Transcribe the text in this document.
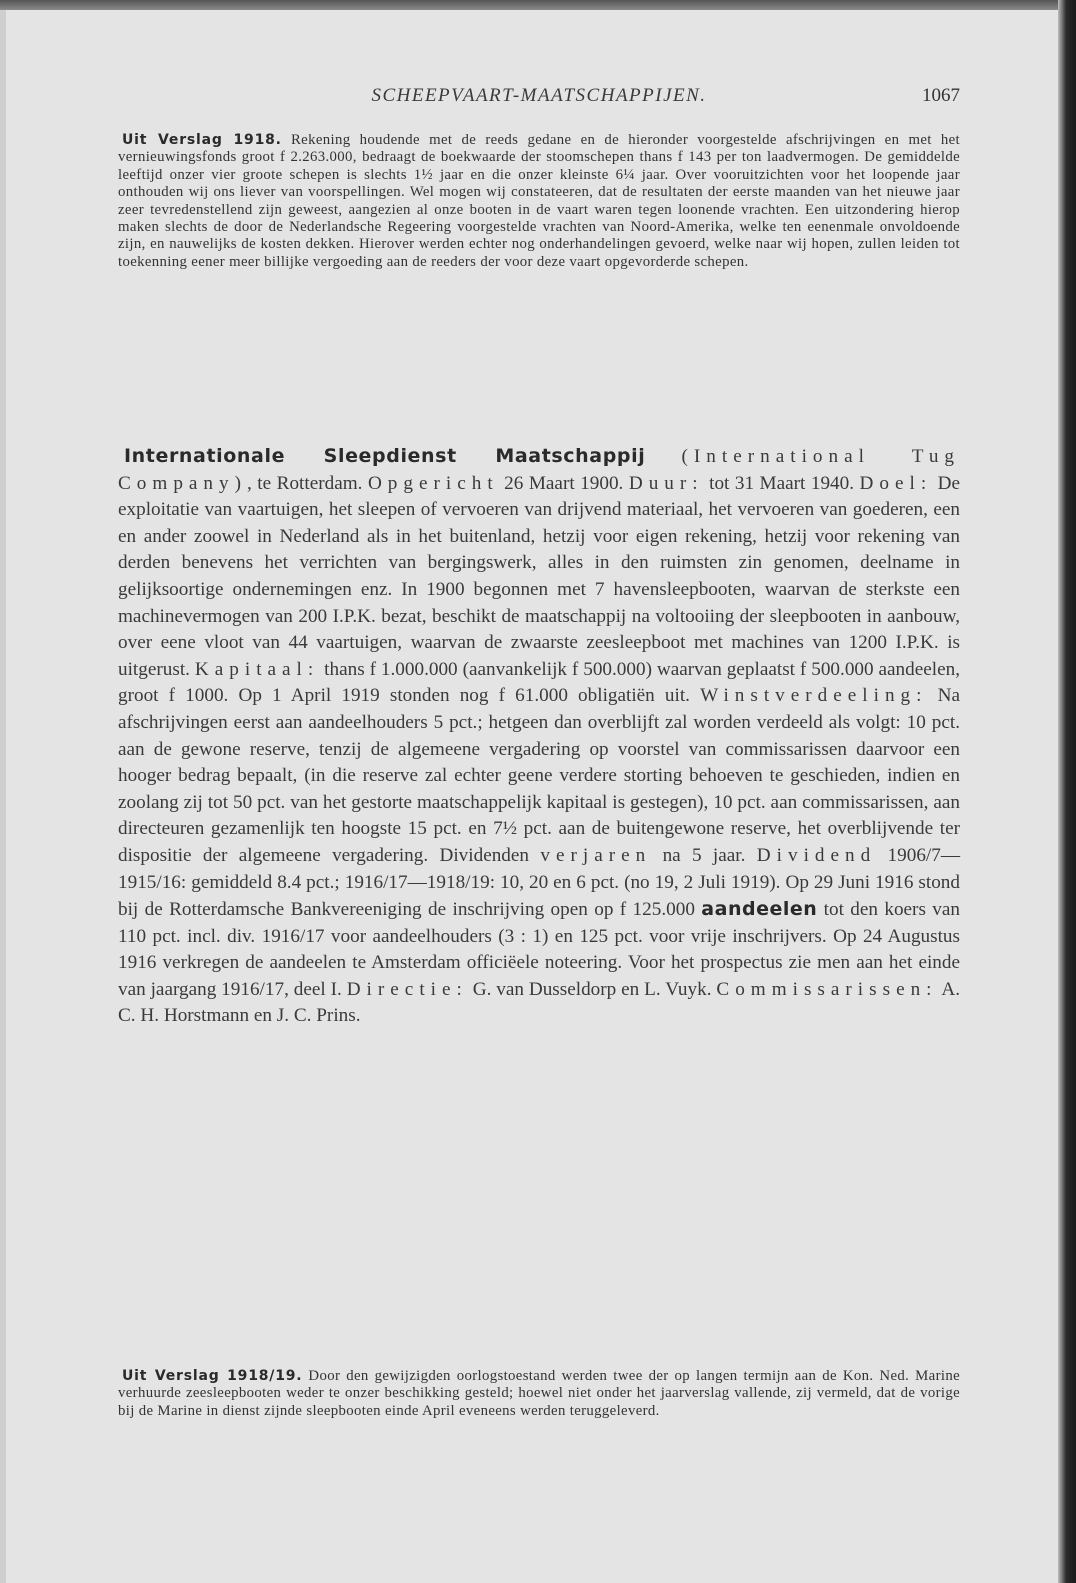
SCHEEPVAART-MAATSCHAPPIJEN.	1067

Uit Verslag 1918. Rekening houdende met de reeds gedane en de hieronder voorgestelde afschrijvingen en met het vernieuwingsfonds groot f 2.263.000, bedraagt de boekwaarde der stoomschepen thans f 143 per ton laadvermogen. De gemiddelde leeftijd onzer vier groote schepen is slechts 1½ jaar en die onzer kleinste 6¼ jaar. Over vooruitzichten voor het loopende jaar onthouden wij ons liever van voorspellingen. Wel mogen wij constateeren, dat de resultaten der eerste maanden van het nieuwe jaar zeer tevredenstellend zijn geweest, aangezien al onze booten in de vaart waren tegen loonende vrachten. Een uitzondering hierop maken slechts de door de Nederlandsche Regeering voorgestelde vrachten van Noord-Amerika, welke ten eenenmale onvoldoende zijn, en nauwelijks de kosten dekken. Hierover werden echter nog onderhandelingen gevoerd, welke naar wij hopen, zullen leiden tot toekenning eener meer billijke vergoeding aan de reeders der voor deze vaart opgevorderde schepen.

Internationale Sleepdienst Maatschappij (International Tug Company), te Rotterdam. Opgericht 26 Maart 1900. Duur: tot 31 Maart 1940. Doel: De exploitatie van vaartuigen, het sleepen of vervoeren van drijvend materiaal, het vervoeren van goederen, een en ander zoowel in Nederland als in het buitenland, hetzij voor eigen rekening, hetzij voor rekening van derden benevens het verrichten van bergingswerk, alles in den ruimsten zin genomen, deelname in gelijksoortige ondernemingen enz. In 1900 begonnen met 7 havensleepbooten, waarvan de sterkste een machinevermogen van 200 I.P.K. bezat, beschikt de maatschappij na voltooiing der sleepbooten in aanbouw, over eene vloot van 44 vaartuigen, waarvan de zwaarste zeesleepboot met machines van 1200 I.P.K. is uitgerust. Kapitaal: thans f 1.000.000 (aanvankelijk f 500.000) waarvan geplaatst f 500.000 aandeelen, groot f 1000. Op 1 April 1919 stonden nog f 61.000 obligatiën uit. Winstverdeeling: Na afschrijvingen eerst aan aandeelhouders 5 pct.; hetgeen dan overblijft zal worden verdeeld als volgt: 10 pct. aan de gewone reserve, tenzij de algemeene vergadering op voorstel van commissarissen daarvoor een hooger bedrag bepaalt, (in die reserve zal echter geene verdere storting behoeven te geschieden, indien en zoolang zij tot 50 pct. van het gestorte maatschappelijk kapitaal is gestegen), 10 pct. aan commissarissen, aan directeuren gezamenlijk ten hoogste 15 pct. en 7½ pct. aan de buitengewone reserve, het overblijvende ter dispositie der algemeene vergadering. Dividenden verjaren na 5 jaar. Dividend 1906/7—1915/16: gemiddeld 8.4 pct.; 1916/17—1918/19: 10, 20 en 6 pct. (no 19, 2 Juli 1919). Op 29 Juni 1916 stond bij de Rotterdamsche Bankvereeniging de inschrijving open op f 125.000 aandeelen tot den koers van 110 pct. incl. div. 1916/17 voor aandeelhouders (3 : 1) en 125 pct. voor vrije inschrijvers. Op 24 Augustus 1916 verkregen de aandeelen te Amsterdam officiëele noteering. Voor het prospectus zie men aan het einde van jaargang 1916/17, deel I. Directie: G. van Dusseldorp en L. Vuyk. Commissarissen: A. C. H. Horstmann en J. C. Prins.

Uit Verslag 1918/19. Door den gewijzigden oorlogstoestand werden twee der op langen termijn aan de Kon. Ned. Marine verhuurde zeesleepbooten weder te onzer beschikking gesteld; hoewel niet onder het jaarverslag vallende, zij vermeld, dat de vorige bij de Marine in dienst zijnde sleepbooten einde April eveneens werden teruggeleverd.
